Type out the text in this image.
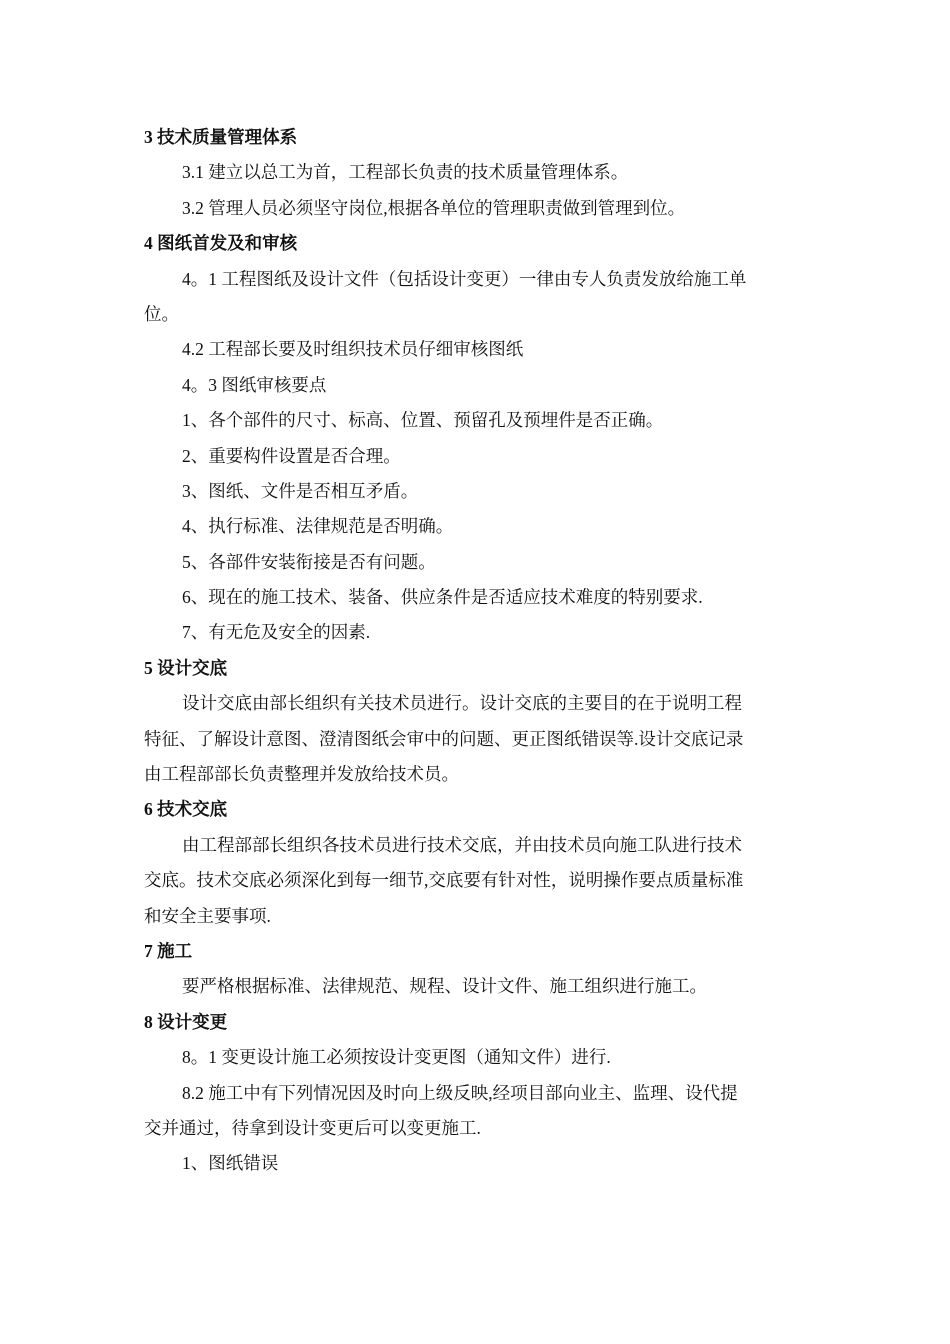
3 技术质量管理体系
3.1 建立以总工为首，工程部长负责的技术质量管理体系。
3.2 管理人员必须坚守岗位,根据各单位的管理职责做到管理到位。
4 图纸首发及和审核
4。1 工程图纸及设计文件（包括设计变更）一律由专人负责发放给施工单
位。
4.2 工程部长要及时组织技术员仔细审核图纸
4。3 图纸审核要点
1、各个部件的尺寸、标高、位置、预留孔及预埋件是否正确。
2、重要构件设置是否合理。
3、图纸、文件是否相互矛盾。
4、执行标准、法律规范是否明确。
5、各部件安装衔接是否有问题。
6、现在的施工技术、装备、供应条件是否适应技术难度的特别要求.
7、有无危及安全的因素.
5 设计交底
设计交底由部长组织有关技术员进行。设计交底的主要目的在于说明工程
特征、了解设计意图、澄清图纸会审中的问题、更正图纸错误等.设计交底记录
由工程部部长负责整理并发放给技术员。
6 技术交底
由工程部部长组织各技术员进行技术交底，并由技术员向施工队进行技术
交底。技术交底必须深化到每一细节,交底要有针对性，说明操作要点质量标准
和安全主要事项.
7 施工
要严格根据标准、法律规范、规程、设计文件、施工组织进行施工。
8 设计变更
8。1 变更设计施工必须按设计变更图（通知文件）进行.
8.2 施工中有下列情况因及时向上级反映,经项目部向业主、监理、设代提
交并通过，待拿到设计变更后可以变更施工.
1、图纸错误
